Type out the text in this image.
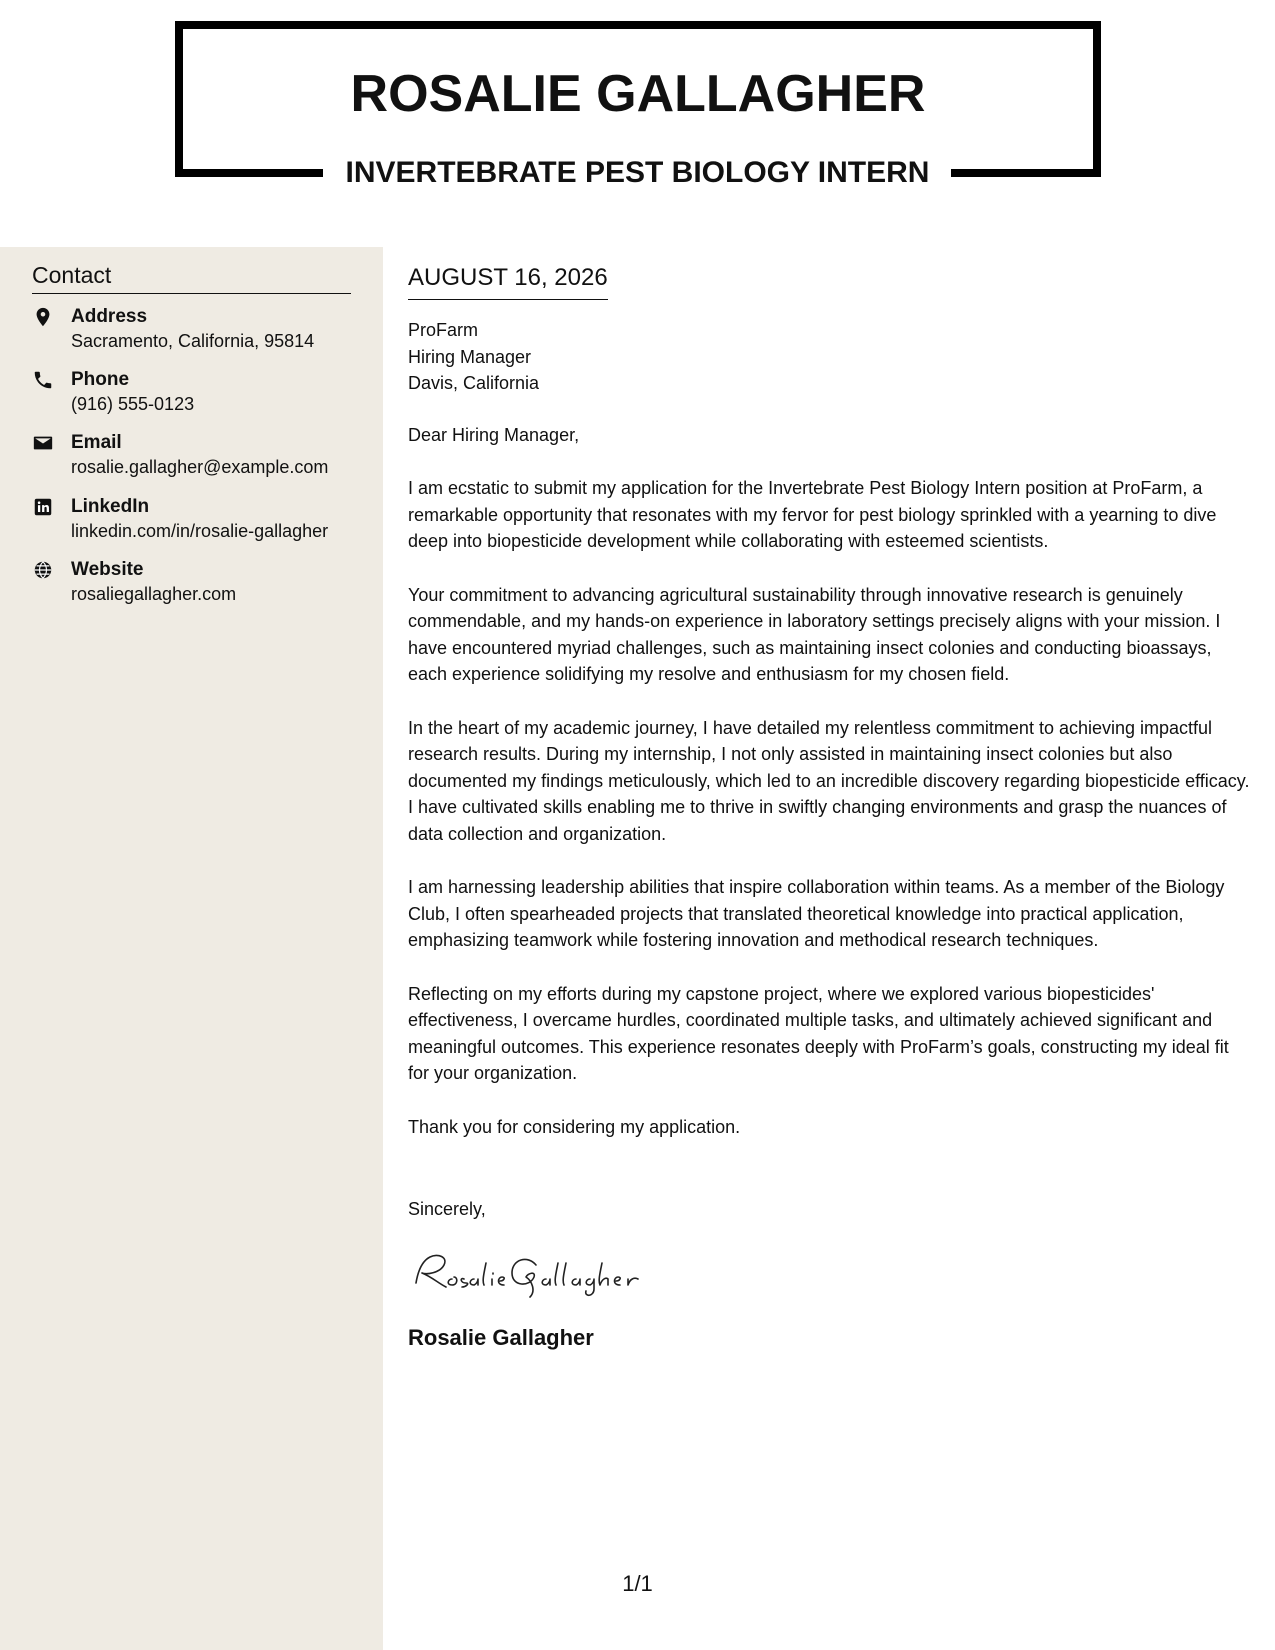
ROSALIE GALLAGHER
INVERTEBRATE PEST BIOLOGY INTERN
Contact
Address
Sacramento, California, 95814
Phone
(916) 555-0123
Email
rosalie.gallagher@example.com
LinkedIn
linkedin.com/in/rosalie-gallagher
Website
rosaliegallagher.com
AUGUST 16, 2026
ProFarm
Hiring Manager
Davis, California

Dear Hiring Manager,

I am ecstatic to submit my application for the Invertebrate Pest Biology Intern position at ProFarm, a remarkable opportunity that resonates with my fervor for pest biology sprinkled with a yearning to dive deep into biopesticide development while collaborating with esteemed scientists.

Your commitment to advancing agricultural sustainability through innovative research is genuinely commendable, and my hands-on experience in laboratory settings precisely aligns with your mission. I have encountered myriad challenges, such as maintaining insect colonies and conducting bioassays, each experience solidifying my resolve and enthusiasm for my chosen field.

In the heart of my academic journey, I have detailed my relentless commitment to achieving impactful research results. During my internship, I not only assisted in maintaining insect colonies but also documented my findings meticulously, which led to an incredible discovery regarding biopesticide efficacy. I have cultivated skills enabling me to thrive in swiftly changing environments and grasp the nuances of data collection and organization.

I am harnessing leadership abilities that inspire collaboration within teams. As a member of the Biology Club, I often spearheaded projects that translated theoretical knowledge into practical application, emphasizing teamwork while fostering innovation and methodical research techniques.

Reflecting on my efforts during my capstone project, where we explored various biopesticides' effectiveness, I overcame hurdles, coordinated multiple tasks, and ultimately achieved significant and meaningful outcomes. This experience resonates deeply with ProFarm’s goals, constructing my ideal fit for your organization.

Thank you for considering my application.

Sincerely,
Rosalie Gallagher
1/1
